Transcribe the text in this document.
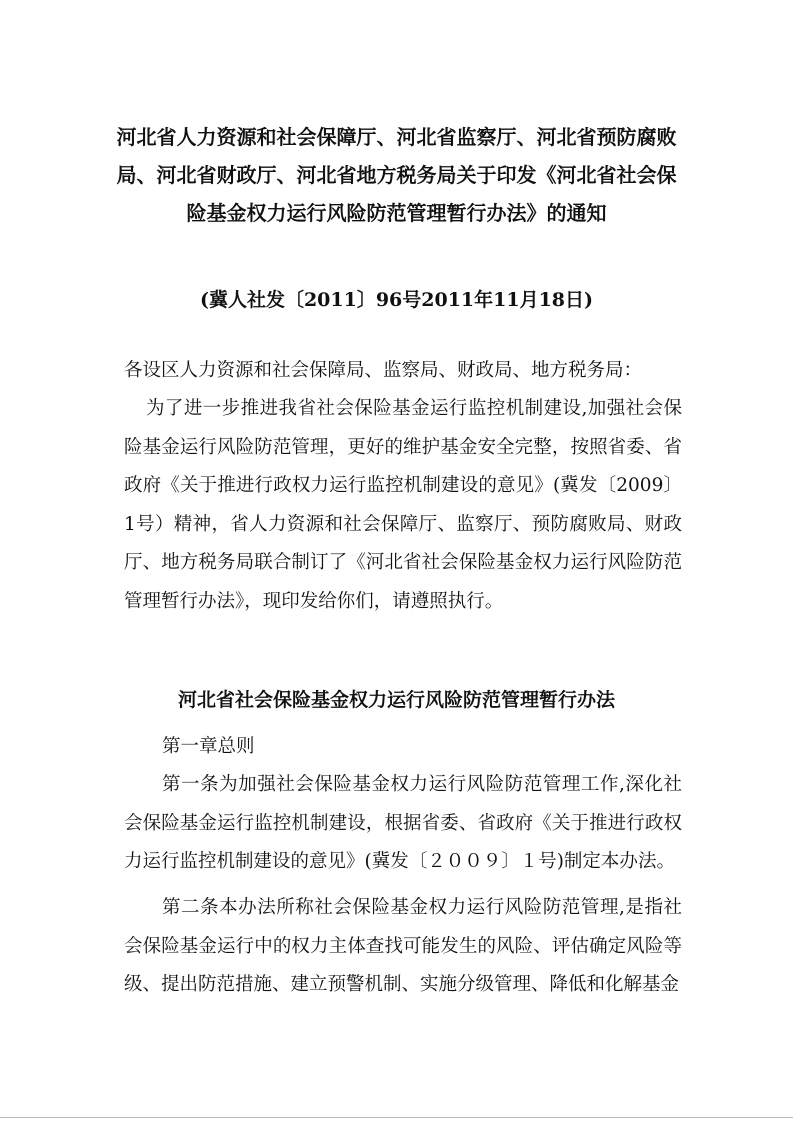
河北省人力资源和社会保障厅、河北省监察厅、河北省预防腐败局、河北省财政厅、河北省地方税务局关于印发《河北省社会保险基金权力运行风险防范管理暂行办法》的通知
(冀人社发〔2011〕96号2011年11月18日)
各设区人力资源和社会保障局、监察局、财政局、地方税务局：
为了进一步推进我省社会保险基金运行监控机制建设,加强社会保险基金运行风险防范管理，更好的维护基金安全完整，按照省委、省政府《关于推进行政权力运行监控机制建设的意见》(冀发〔2009〕1号）精神，省人力资源和社会保障厅、监察厅、预防腐败局、财政厅、地方税务局联合制订了《河北省社会保险基金权力运行风险防范管理暂行办法》，现印发给你们，请遵照执行。
河北省社会保险基金权力运行风险防范管理暂行办法
第一章总则
第一条为加强社会保险基金权力运行风险防范管理工作,深化社会保险基金运行监控机制建设，根据省委、省政府《关于推进行政权力运行监控机制建设的意见》(冀发〔２００９〕１号)制定本办法。
第二条本办法所称社会保险基金权力运行风险防范管理,是指社会保险基金运行中的权力主体查找可能发生的风险、评估确定风险等级、提出防范措施、建立预警机制、实施分级管理、降低和化解基金
